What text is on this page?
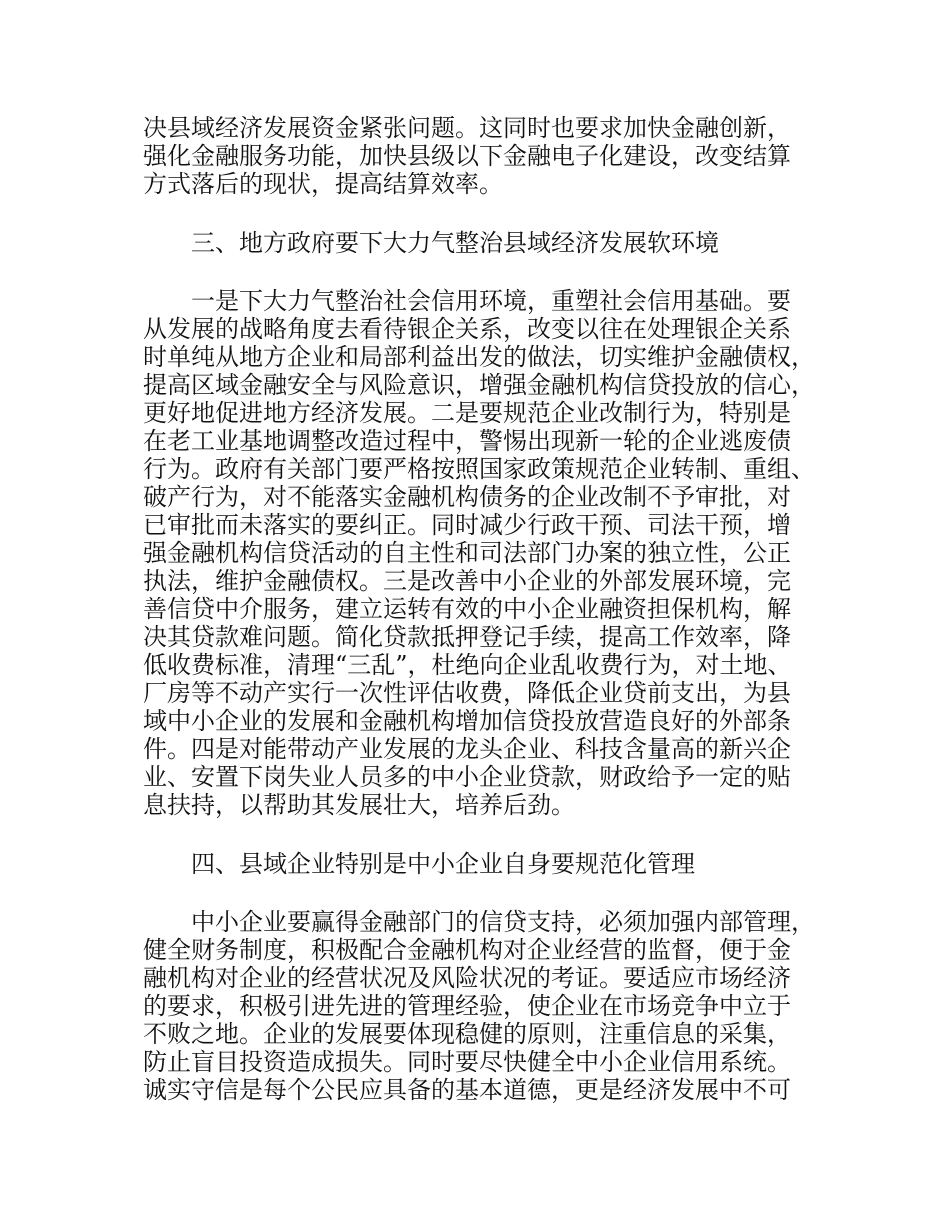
决县域经济发展资金紧张问题。这同时也要求加快金融创新，
强化金融服务功能，加快县级以下金融电子化建设，改变结算
方式落后的现状，提高结算效率。
　　三、地方政府要下大力气整治县域经济发展软环境
　　一是下大力气整治社会信用环境，重塑社会信用基础。要
从发展的战略角度去看待银企关系，改变以往在处理银企关系
时单纯从地方企业和局部利益出发的做法，切实维护金融债权，
提高区域金融安全与风险意识，增强金融机构信贷投放的信心，
更好地促进地方经济发展。二是要规范企业改制行为，特别是
在老工业基地调整改造过程中，警惕出现新一轮的企业逃废债
行为。政府有关部门要严格按照国家政策规范企业转制、重组、
破产行为，对不能落实金融机构债务的企业改制不予审批，对
已审批而未落实的要纠正。同时减少行政干预、司法干预，增
强金融机构信贷活动的自主性和司法部门办案的独立性，公正
执法，维护金融债权。三是改善中小企业的外部发展环境，完
善信贷中介服务，建立运转有效的中小企业融资担保机构，解
决其贷款难问题。简化贷款抵押登记手续，提高工作效率，降
低收费标准，清理“三乱”，杜绝向企业乱收费行为，对土地、
厂房等不动产实行一次性评估收费，降低企业贷前支出，为县
域中小企业的发展和金融机构增加信贷投放营造良好的外部条
件。四是对能带动产业发展的龙头企业、科技含量高的新兴企
业、安置下岗失业人员多的中小企业贷款，财政给予一定的贴
息扶持，以帮助其发展壮大，培养后劲。
　　四、县域企业特别是中小企业自身要规范化管理
　　中小企业要赢得金融部门的信贷支持，必须加强内部管理，
健全财务制度，积极配合金融机构对企业经营的监督，便于金
融机构对企业的经营状况及风险状况的考证。要适应市场经济
的要求，积极引进先进的管理经验，使企业在市场竞争中立于
不败之地。企业的发展要体现稳健的原则，注重信息的采集，
防止盲目投资造成损失。同时要尽快健全中小企业信用系统。
诚实守信是每个公民应具备的基本道德，更是经济发展中不可
